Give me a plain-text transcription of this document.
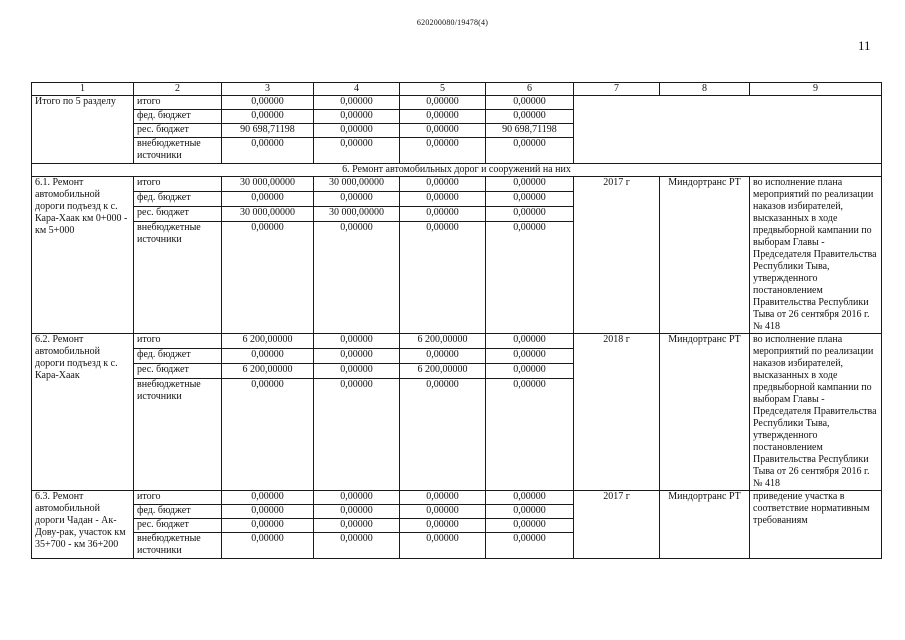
620200080/19478(4)
11
1	2	3	4	5	6	7	8	9
Итого по 5 разделу	итого	0,00000	0,00000	0,00000	0,00000			
	фед. бюджет	0,00000	0,00000	0,00000	0,00000			
	рес. бюджет	90 698,71198	0,00000	0,00000	90 698,71198			
	внебюджетные источники	0,00000	0,00000	0,00000	0,00000			
6. Ремонт автомобильных дорог и сооружений на них								
6.1. Ремонт автомобильной дороги подъезд к с. Кара-Хаак км 0+000 - км 5+000	итого	30 000,00000	30 000,00000	0,00000	0,00000	2017 г	Миндортранс РТ	во исполнение плана мероприятий по реализации наказов избирателей, высказанных в ходе предвыборной кампании по выборам Главы - Председателя Правительства Республики Тыва, утвержденного постановлением Правительства Республики Тыва от 26 сентября 2016 г. № 418
	фед. бюджет	0,00000	0,00000	0,00000	0,00000			
	рес. бюджет	30 000,00000	30 000,00000	0,00000	0,00000			
	внебюджетные источники	0,00000	0,00000	0,00000	0,00000			
6.2. Ремонт автомобильной дороги подъезд к с. Кара-Хаак	итого	6 200,00000	0,00000	6 200,00000	0,00000	2018 г	Миндортранс РТ	во исполнение плана мероприятий по реализации наказов избирателей, высказанных в ходе предвыборной кампании по выборам Главы - Председателя Правительства Республики Тыва, утвержденного постановлением Правительства Республики Тыва от 26 сентября 2016 г. № 418
	фед. бюджет	0,00000	0,00000	0,00000	0,00000			
	рес. бюджет	6 200,00000	0,00000	6 200,00000	0,00000			
	внебюджетные источники	0,00000	0,00000	0,00000	0,00000			
6.3. Ремонт автомобильной дороги Чадан - Ак-Дову-рак, участок км 35+700 - км 36+200	итого	0,00000	0,00000	0,00000	0,00000	2017 г	Миндортранс РТ	приведение участка в соответствие нормативным требованиям
	фед. бюджет	0,00000	0,00000	0,00000	0,00000			
	рес. бюджет	0,00000	0,00000	0,00000	0,00000			
	внебюджетные источники	0,00000	0,00000	0,00000	0,00000			
